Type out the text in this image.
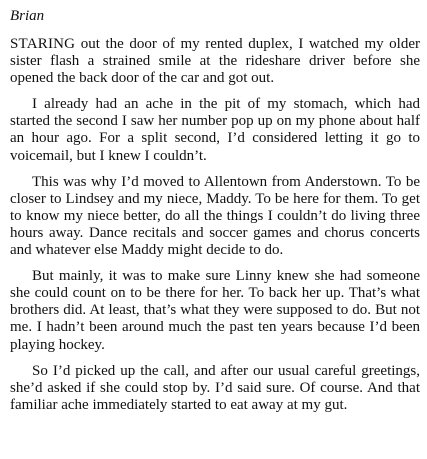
Brian

STARING out the door of my rented duplex, I watched my older sister flash a strained smile at the rideshare driver before she opened the back door of the car and got out.

I already had an ache in the pit of my stomach, which had started the second I saw her number pop up on my phone about half an hour ago. For a split second, I’d considered letting it go to voicemail, but I knew I couldn’t.

This was why I’d moved to Allentown from Anderstown. To be closer to Lindsey and my niece, Maddy. To be here for them. To get to know my niece better, do all the things I couldn’t do living three hours away. Dance recitals and soccer games and chorus concerts and whatever else Maddy might decide to do.

But mainly, it was to make sure Linny knew she had someone she could count on to be there for her. To back her up. That’s what brothers did. At least, that’s what they were supposed to do. But not me. I hadn’t been around much the past ten years because I’d been playing hockey.

So I’d picked up the call, and after our usual careful greetings, she’d asked if she could stop by. I’d said sure. Of course. And that familiar ache immediately started to eat away at my gut.
